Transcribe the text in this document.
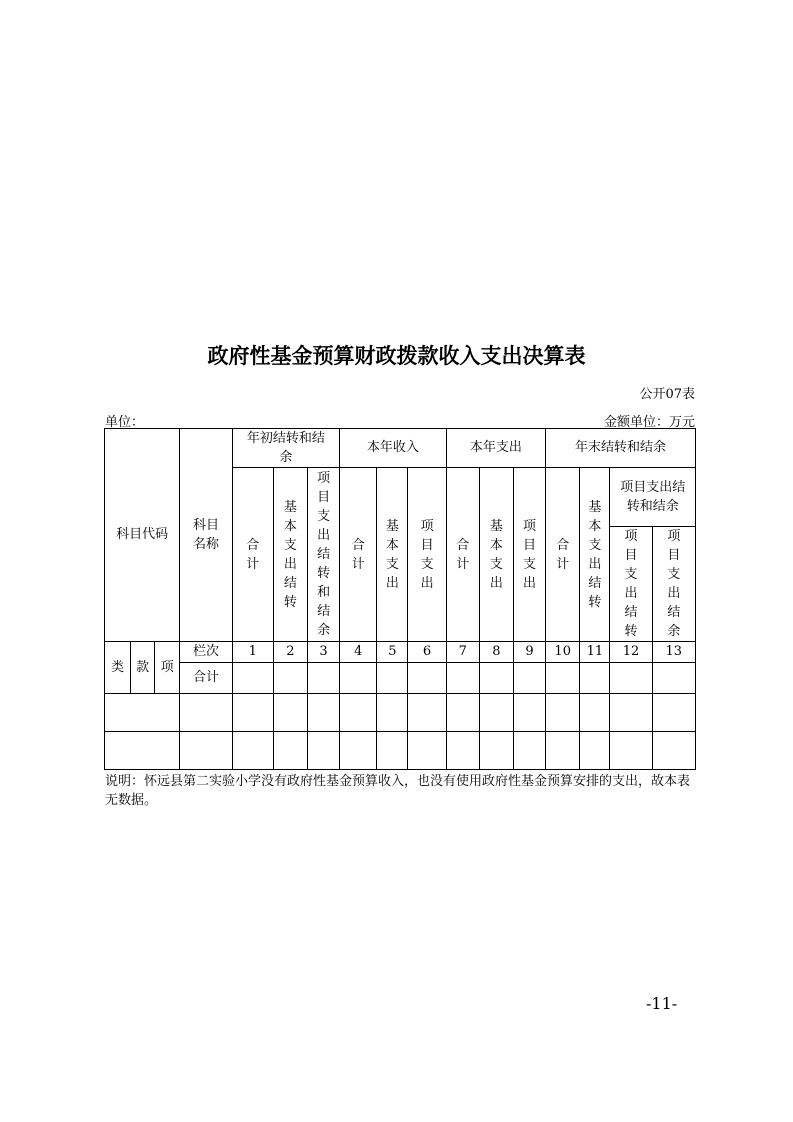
政府性基金预算财政拨款收入支出决算表
公开07表
单位：	金额单位：万元
科目代码			科目名称	年初结转和结余			本年收入			本年支出			年末结转和结余			
				合计	基本支出结转	项目支出结转和结余	合计	基本支出	项目支出	合计	基本支出	项目支出	合计	基本支出结转	项目支出结转和结余	
															项目支出结转	项目支出结余
类	款	项	栏次	1	2	3	4	5	6	7	8	9	10	11	12	13
			合计													

说明：怀远县第二实验小学没有政府性基金预算收入，也没有使用政府性基金预算安排的支出，故本表无数据。
-11-
